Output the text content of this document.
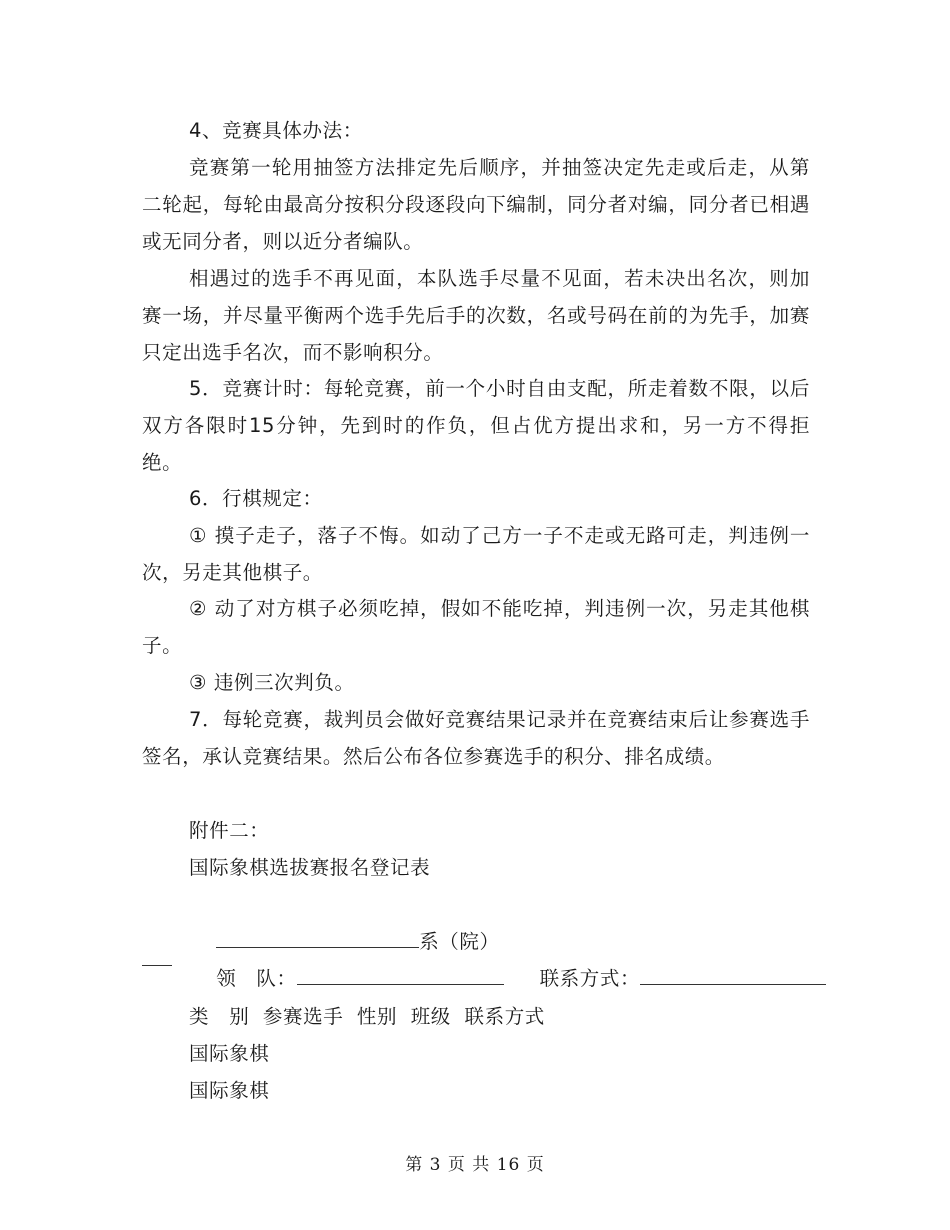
4、竞赛具体办法：

竞赛第一轮用抽签方法排定先后顺序，并抽签决定先走或后走，从第二轮起，每轮由最高分按积分段逐段向下编制，同分者对编，同分者已相遇或无同分者，则以近分者编队。

相遇过的选手不再见面，本队选手尽量不见面，若未决出名次，则加赛一场，并尽量平衡两个选手先后手的次数，名或号码在前的为先手，加赛只定出选手名次，而不影响积分。

5．竞赛计时：每轮竞赛，前一个小时自由支配，所走着数不限，以后双方各限时15分钟，先到时的作负，但占优方提出求和，另一方不得拒绝。

6．行棋规定：

① 摸子走子，落子不悔。如动了己方一子不走或无路可走，判违例一次，另走其他棋子。

② 动了对方棋子必须吃掉，假如不能吃掉，判违例一次，另走其他棋子。

③ 违例三次判负。

7．每轮竞赛，裁判员会做好竞赛结果记录并在竞赛结束后让参赛选手签名，承认竞赛结果。然后公布各位参赛选手的积分、排名成绩。

附件二：

国际象棋选拔赛报名登记表

系（院）

领　队：	联系方式：

类　别  参赛选手  性别  班级  联系方式

国际象棋

国际象棋

第 3 页 共 16 页
